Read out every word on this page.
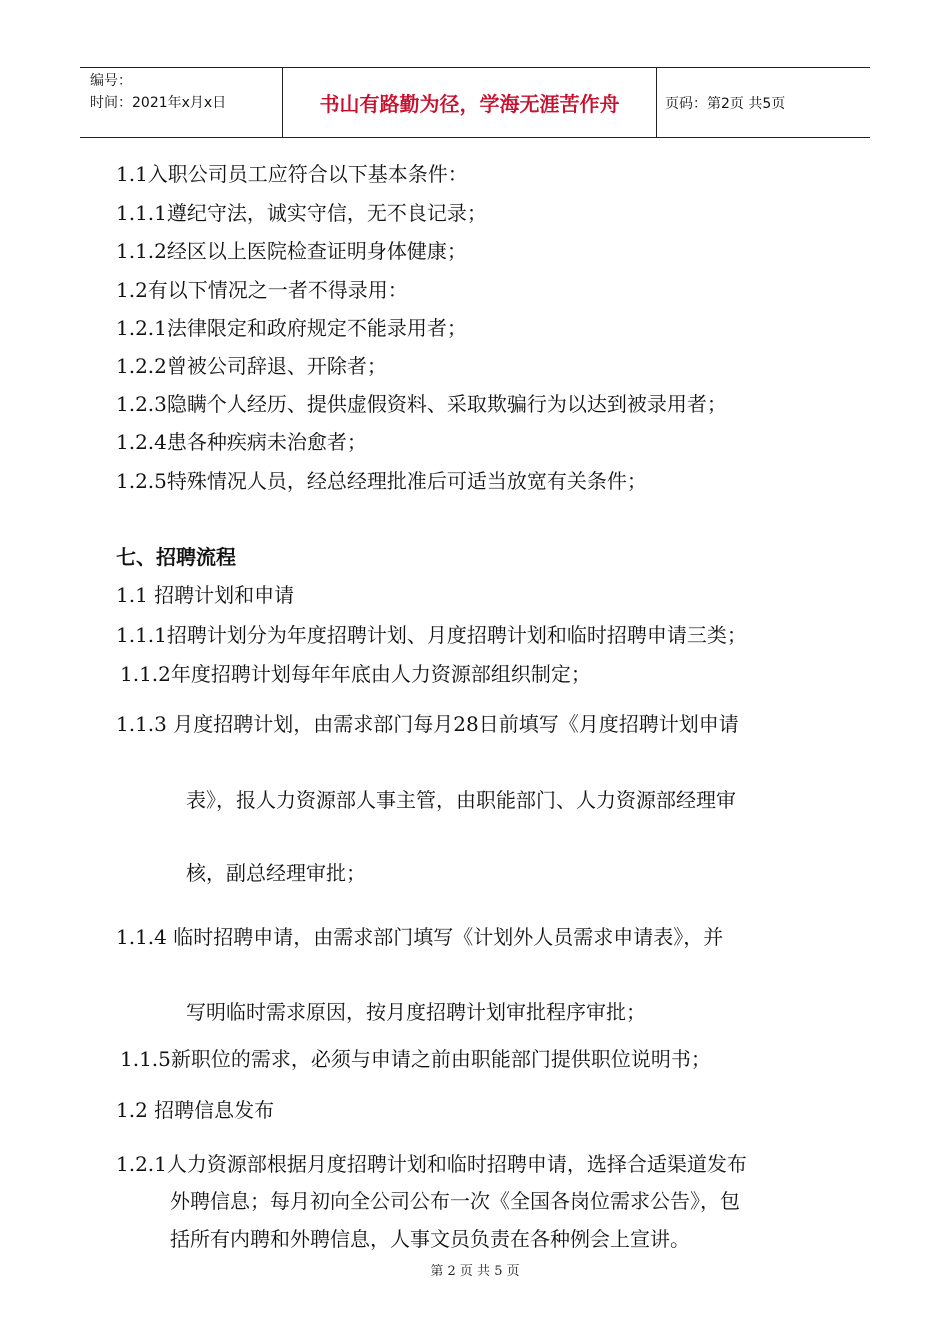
编号：
时间：2021年x月x日	书山有路勤为径，学海无涯苦作舟	页码：第2页 共5页
1.1入职公司员工应符合以下基本条件：
1.1.1遵纪守法，诚实守信，无不良记录；
1.1.2经区以上医院检查证明身体健康；
1.2有以下情况之一者不得录用：
1.2.1法律限定和政府规定不能录用者；
1.2.2曾被公司辞退、开除者；
1.2.3隐瞒个人经历、提供虚假资料、采取欺骗行为以达到被录用者；
1.2.4患各种疾病未治愈者；
1.2.5特殊情况人员，经总经理批准后可适当放宽有关条件；
七、招聘流程
1.1 招聘计划和申请
1.1.1招聘计划分为年度招聘计划、月度招聘计划和临时招聘申请三类；
1.1.2年度招聘计划每年年底由人力资源部组织制定；
1.1.3 月度招聘计划，由需求部门每月28日前填写《月度招聘计划申请
表》，报人力资源部人事主管，由职能部门、人力资源部经理审
核，副总经理审批；
1.1.4 临时招聘申请，由需求部门填写《计划外人员需求申请表》，并
写明临时需求原因，按月度招聘计划审批程序审批；
1.1.5新职位的需求，必须与申请之前由职能部门提供职位说明书；
1.2 招聘信息发布
1.2.1人力资源部根据月度招聘计划和临时招聘申请，选择合适渠道发布
外聘信息；每月初向全公司公布一次《全国各岗位需求公告》，包
括所有内聘和外聘信息，人事文员负责在各种例会上宣讲。
第 2 页 共 5 页
